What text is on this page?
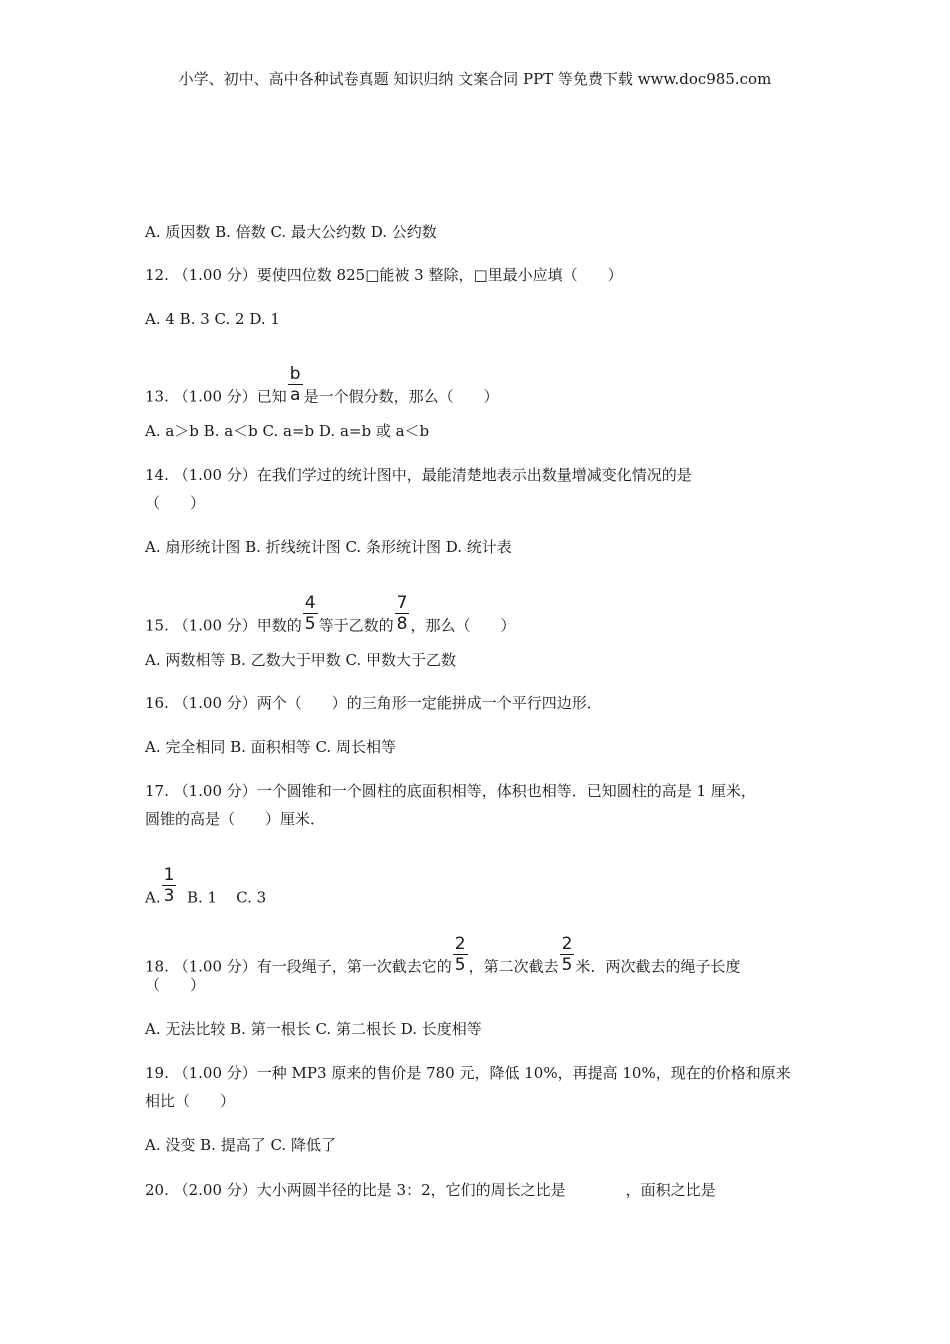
小学、初中、高中各种试卷真题 知识归纳 文案合同 PPT 等免费下载 www.doc985.com
A. 质因数 B. 倍数 C. 最大公约数 D. 公约数
12. （1.00 分）要使四位数 825□能被 3 整除，□里最小应填（　　）
A. 4 B. 3 C. 2 D. 1
13. （1.00 分）已知 $\frac{b}{a}$ 是一个假分数，那么（　　）
A. a＞b B. a＜b C. a=b D. a=b 或 a＜b
14. （1.00 分）在我们学过的统计图中，最能清楚地表示出数量增减变化情况的是
（　　）
A. 扇形统计图 B. 折线统计图 C. 条形统计图 D. 统计表
15. （1.00 分）甲数的 $\frac{4}{5}$ 等于乙数的 $\frac{7}{8}$ ，那么（　　）
A. 两数相等 B. 乙数大于甲数 C. 甲数大于乙数
16. （1.00 分）两个（　　）的三角形一定能拼成一个平行四边形．
A. 完全相同 B. 面积相等 C. 周长相等
17. （1.00 分）一个圆锥和一个圆柱的底面积相等，体积也相等．已知圆柱的高是 1 厘米，
圆锥的高是（　　）厘米．
A. $\frac{1}{3} B$. 1    C. 3
18. （1.00 分）有一段绳子，第一次截去它的 $\frac{2}{5}$ ，第二次截去 $\frac{2}{5}$ 米．两次截去的绳子长度
（　　）
A. 无法比较 B. 第一根长 C. 第二根长 D. 长度相等
19. （1.00 分）一种 MP3 原来的售价是 780 元，降低 10%，再提高 10%，现在的价格和原来
相比（　　）
A. 没变 B. 提高了 C. 降低了
20. （2.00 分）大小两圆半径的比是 3：2，它们的周长之比是	，面积之比是
